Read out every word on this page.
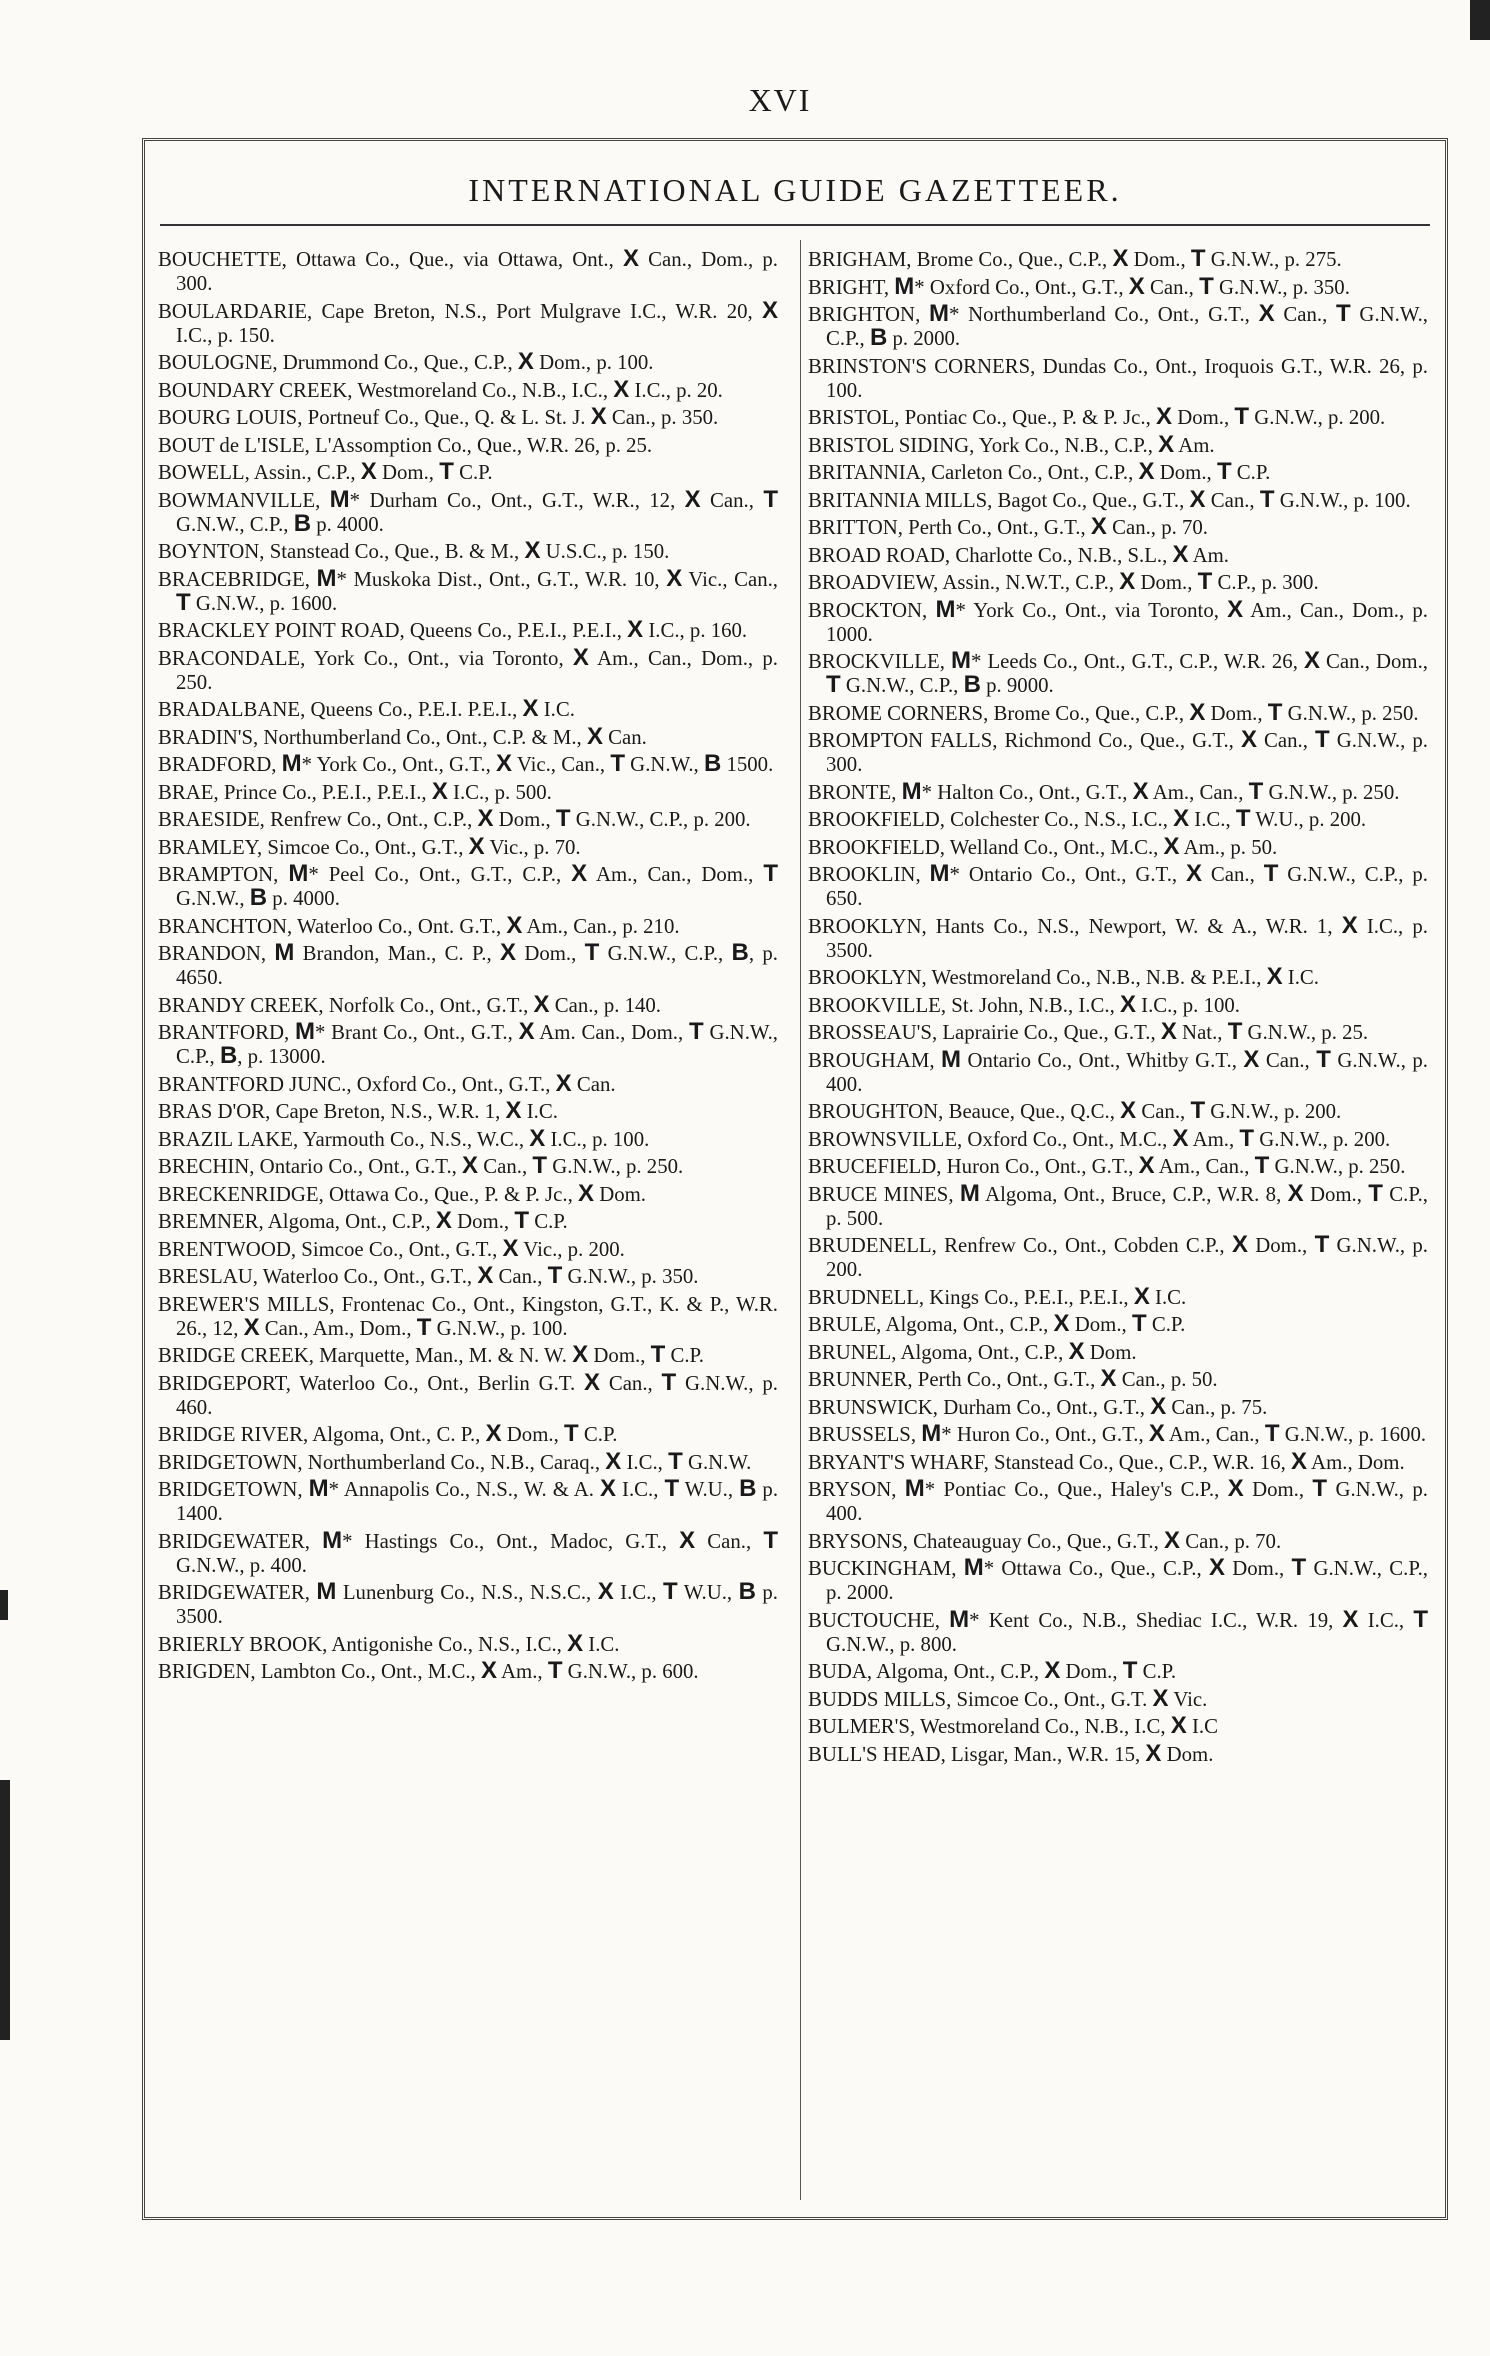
XVI
INTERNATIONAL GUIDE GAZETTEER.
BOUCHETTE, Ottawa Co., Que., via Ottawa, Ont., X Can., Dom., p. 300.
BOULARDARIE, Cape Breton, N.S., Port Mulgrave I.C., W.R. 20, X I.C., p. 150.
BOULOGNE, Drummond Co., Que., C.P., X Dom., p. 100.
BOUNDARY CREEK, Westmoreland Co., N.B., I.C., X I.C., p. 20.
BOURG LOUIS, Portneuf Co., Que., Q. & L. St. J. X Can., p. 350.
BOUT de L'ISLE, L'Assomption Co., Que., W.R. 26, p. 25.
BOWELL, Assin., C.P., X Dom., T C.P.
BOWMANVILLE, M* Durham Co., Ont., G.T., W.R., 12, X Can., T G.N.W., C.P., B p. 4000.
BOYNTON, Stanstead Co., Que., B. & M., X U.S.C., p. 150.
BRACEBRIDGE, M* Muskoka Dist., Ont., G.T., W.R. 10, X Vic., Can., T G.N.W., p. 1600.
BRACKLEY POINT ROAD, Queens Co., P.E.I., P.E.I., X I.C., p. 160.
BRACONDALE, York Co., Ont., via Toronto, X Am., Can., Dom., p. 250.
BRADALBANE, Queens Co., P.E.I. P.E.I., X I.C.
BRADIN'S, Northumberland Co., Ont., C.P. & M., X Can.
BRADFORD, M* York Co., Ont., G.T., X Vic., Can., T G.N.W., B 1500.
BRAE, Prince Co., P.E.I., P.E.I., X I.C., p. 500.
BRAESIDE, Renfrew Co., Ont., C.P., X Dom., T G.N.W., C.P., p. 200.
BRAMLEY, Simcoe Co., Ont., G.T., X Vic., p. 70.
BRAMPTON, M* Peel Co., Ont., G.T., C.P., X Am., Can., Dom., T G.N.W., B p. 4000.
BRANCHTON, Waterloo Co., Ont. G.T., X Am., Can., p. 210.
BRANDON, M Brandon, Man., C. P., X Dom., T G.N.W., C.P., B, p. 4650.
BRANDY CREEK, Norfolk Co., Ont., G.T., X Can., p. 140.
BRANTFORD, M* Brant Co., Ont., G.T., X Am. Can., Dom., T G.N.W., C.P., B, p. 13000.
BRANTFORD JUNC., Oxford Co., Ont., G.T., X Can.
BRAS D'OR, Cape Breton, N.S., W.R. 1, X I.C.
BRAZIL LAKE, Yarmouth Co., N.S., W.C., X I.C., p. 100.
BRECHIN, Ontario Co., Ont., G.T., X Can., T G.N.W., p. 250.
BRECKENRIDGE, Ottawa Co., Que., P. & P. Jc., X Dom.
BREMNER, Algoma, Ont., C.P., X Dom., T C.P.
BRENTWOOD, Simcoe Co., Ont., G.T., X Vic., p. 200.
BRESLAU, Waterloo Co., Ont., G.T., X Can., T G.N.W., p. 350.
BREWER'S MILLS, Frontenac Co., Ont., Kingston, G.T., K. & P., W.R. 26., 12, X Can., Am., Dom., T G.N.W., p. 100.
BRIDGE CREEK, Marquette, Man., M. & N. W. X Dom., T C.P.
BRIDGEPORT, Waterloo Co., Ont., Berlin G.T. X Can., T G.N.W., p. 460.
BRIDGE RIVER, Algoma, Ont., C. P., X Dom., T C.P.
BRIDGETOWN, Northumberland Co., N.B., Caraq., X I.C., T G.N.W.
BRIDGETOWN, M* Annapolis Co., N.S., W. & A. X I.C., T W.U., B p. 1400.
BRIDGEWATER, M* Hastings Co., Ont., Madoc, G.T., X Can., T G.N.W., p. 400.
BRIDGEWATER, M Lunenburg Co., N.S., N.S.C., X I.C., T W.U., B p. 3500.
BRIERLY BROOK, Antigonishe Co., N.S., I.C., X I.C.
BRIGDEN, Lambton Co., Ont., M.C., X Am., T G.N.W., p. 600.
BRIGHAM, Brome Co., Que., C.P., X Dom., T G.N.W., p. 275.
BRIGHT, M* Oxford Co., Ont., G.T., X Can., T G.N.W., p. 350.
BRIGHTON, M* Northumberland Co., Ont., G.T., X Can., T G.N.W., C.P., B p. 2000.
BRINSTON'S CORNERS, Dundas Co., Ont., Iroquois G.T., W.R. 26, p. 100.
BRISTOL, Pontiac Co., Que., P. & P. Jc., X Dom., T G.N.W., p. 200.
BRISTOL SIDING, York Co., N.B., C.P., X Am.
BRITANNIA, Carleton Co., Ont., C.P., X Dom., T C.P.
BRITANNIA MILLS, Bagot Co., Que., G.T., X Can., T G.N.W., p. 100.
BRITTON, Perth Co., Ont., G.T., X Can., p. 70.
BROAD ROAD, Charlotte Co., N.B., S.L., X Am.
BROADVIEW, Assin., N.W.T., C.P., X Dom., T C.P., p. 300.
BROCKTON, M* York Co., Ont., via Toronto, X Am., Can., Dom., p. 1000.
BROCKVILLE, M* Leeds Co., Ont., G.T., C.P., W.R. 26, X Can., Dom., T G.N.W., C.P., B p. 9000.
BROME CORNERS, Brome Co., Que., C.P., X Dom., T G.N.W., p. 250.
BROMPTON FALLS, Richmond Co., Que., G.T., X Can., T G.N.W., p. 300.
BRONTE, M* Halton Co., Ont., G.T., X Am., Can., T G.N.W., p. 250.
BROOKFIELD, Colchester Co., N.S., I.C., X I.C., T W.U., p. 200.
BROOKFIELD, Welland Co., Ont., M.C., X Am., p. 50.
BROOKLIN, M* Ontario Co., Ont., G.T., X Can., T G.N.W., C.P., p. 650.
BROOKLYN, Hants Co., N.S., Newport, W. & A., W.R. 1, X I.C., p. 3500.
BROOKLYN, Westmoreland Co., N.B., N.B. & P.E.I., X I.C.
BROOKVILLE, St. John, N.B., I.C., X I.C., p. 100.
BROSSEAU'S, Laprairie Co., Que., G.T., X Nat., T G.N.W., p. 25.
BROUGHAM, M Ontario Co., Ont., Whitby G.T., X Can., T G.N.W., p. 400.
BROUGHTON, Beauce, Que., Q.C., X Can., T G.N.W., p. 200.
BROWNSVILLE, Oxford Co., Ont., M.C., X Am., T G.N.W., p. 200.
BRUCEFIELD, Huron Co., Ont., G.T., X Am., Can., T G.N.W., p. 250.
BRUCE MINES, M Algoma, Ont., Bruce, C.P., W.R. 8, X Dom., T C.P., p. 500.
BRUDENELL, Renfrew Co., Ont., Cobden C.P., X Dom., T G.N.W., p. 200.
BRUDNELL, Kings Co., P.E.I., P.E.I., X I.C.
BRULE, Algoma, Ont., C.P., X Dom., T C.P.
BRUNEL, Algoma, Ont., C.P., X Dom.
BRUNNER, Perth Co., Ont., G.T., X Can., p. 50.
BRUNSWICK, Durham Co., Ont., G.T., X Can., p. 75.
BRUSSELS, M* Huron Co., Ont., G.T., X Am., Can., T G.N.W., p. 1600.
BRYANT'S WHARF, Stanstead Co., Que., C.P., W.R. 16, X Am., Dom.
BRYSON, M* Pontiac Co., Que., Haley's C.P., X Dom., T G.N.W., p. 400.
BRYSONS, Chateauguay Co., Que., G.T., X Can., p. 70.
BUCKINGHAM, M* Ottawa Co., Que., C.P., X Dom., T G.N.W., C.P., p. 2000.
BUCTOUCHE, M* Kent Co., N.B., Shediac I.C., W.R. 19, X I.C., T G.N.W., p. 800.
BUDA, Algoma, Ont., C.P., X Dom., T C.P.
BUDDS MILLS, Simcoe Co., Ont., G.T. X Vic.
BULMER'S, Westmoreland Co., N.B., I.C, X I.C
BULL'S HEAD, Lisgar, Man., W.R. 15, X Dom.
